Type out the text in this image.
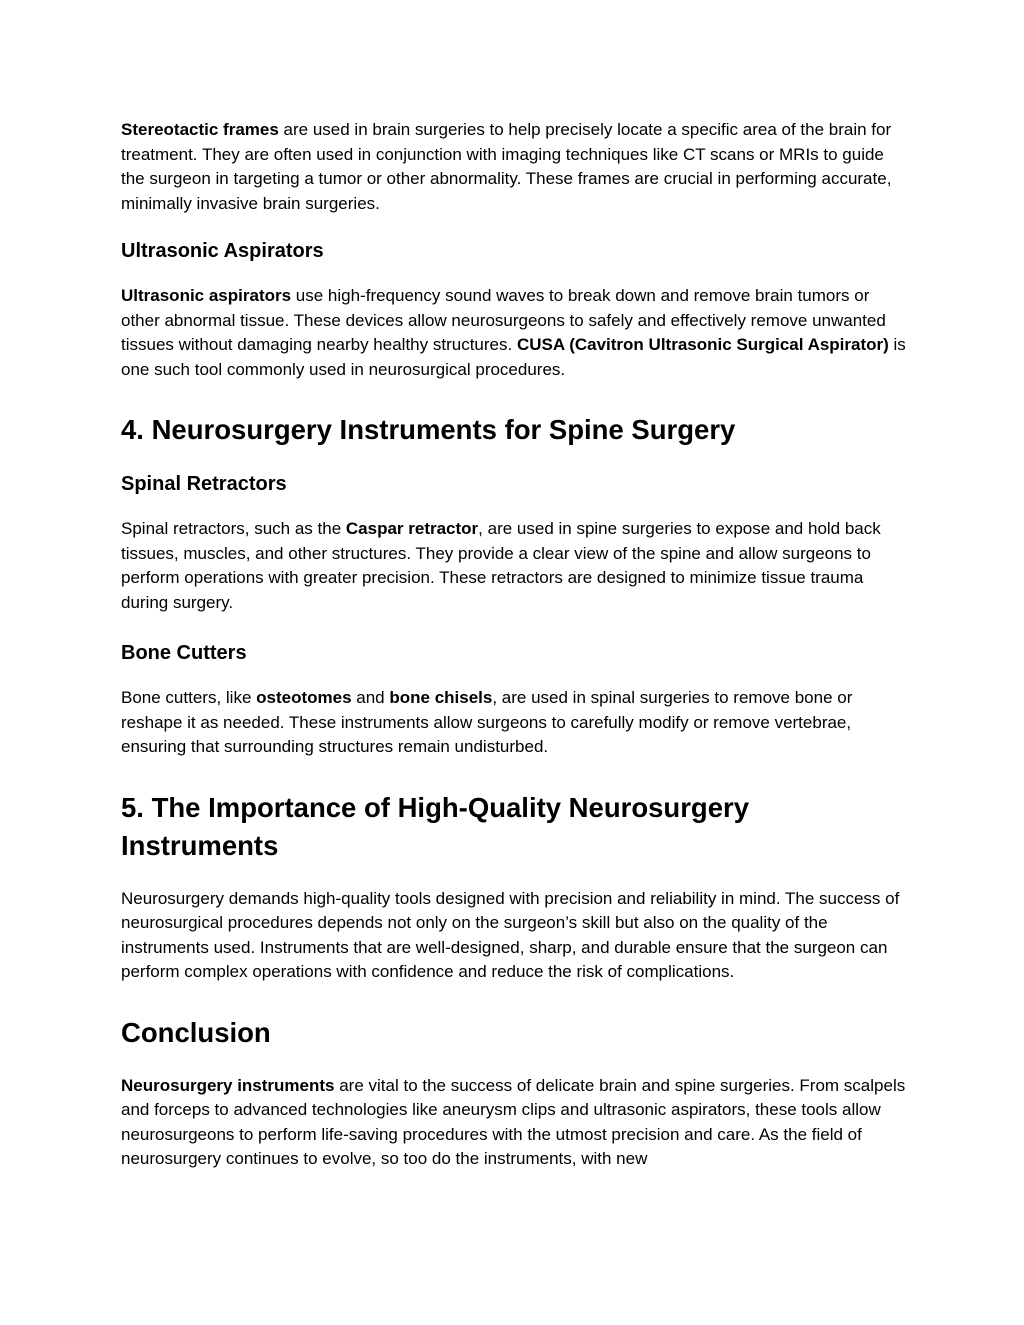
Stereotactic frames are used in brain surgeries to help precisely locate a specific area of the brain for treatment. They are often used in conjunction with imaging techniques like CT scans or MRIs to guide the surgeon in targeting a tumor or other abnormality. These frames are crucial in performing accurate, minimally invasive brain surgeries.

Ultrasonic Aspirators

Ultrasonic aspirators use high-frequency sound waves to break down and remove brain tumors or other abnormal tissue. These devices allow neurosurgeons to safely and effectively remove unwanted tissues without damaging nearby healthy structures. CUSA (Cavitron Ultrasonic Surgical Aspirator) is one such tool commonly used in neurosurgical procedures.

4. Neurosurgery Instruments for Spine Surgery
Spinal Retractors

Spinal retractors, such as the Caspar retractor, are used in spine surgeries to expose and hold back tissues, muscles, and other structures. They provide a clear view of the spine and allow surgeons to perform operations with greater precision. These retractors are designed to minimize tissue trauma during surgery.

Bone Cutters

Bone cutters, like osteotomes and bone chisels, are used in spinal surgeries to remove bone or reshape it as needed. These instruments allow surgeons to carefully modify or remove vertebrae, ensuring that surrounding structures remain undisturbed.

5. The Importance of High-Quality Neurosurgery Instruments

Neurosurgery demands high-quality tools designed with precision and reliability in mind. The success of neurosurgical procedures depends not only on the surgeon’s skill but also on the quality of the instruments used. Instruments that are well-designed, sharp, and durable ensure that the surgeon can perform complex operations with confidence and reduce the risk of complications.

Conclusion

Neurosurgery instruments are vital to the success of delicate brain and spine surgeries. From scalpels and forceps to advanced technologies like aneurysm clips and ultrasonic aspirators, these tools allow neurosurgeons to perform life-saving procedures with the utmost precision and care. As the field of neurosurgery continues to evolve, so too do the instruments, with new
